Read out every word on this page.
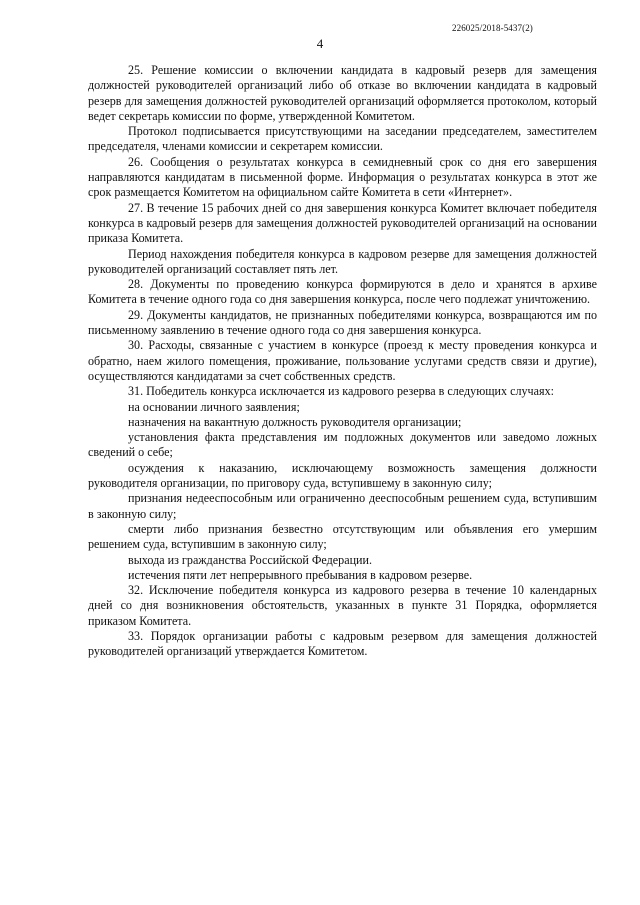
226025/2018-5437(2)
4

25. Решение комиссии о включении кандидата в кадровый резерв для замещения должностей руководителей организаций либо об отказе во включении кандидата в кадровый резерв для замещения должностей руководителей организаций оформляется протоколом, который ведет секретарь комиссии по форме, утвержденной Комитетом.

Протокол подписывается присутствующими на заседании председателем, заместителем председателя, членами комиссии и секретарем комиссии.

26. Сообщения о результатах конкурса в семидневный срок со дня его завершения направляются кандидатам в письменной форме. Информация о результатах конкурса в этот же срок размещается Комитетом на официальном сайте Комитета в сети «Интернет».

27. В течение 15 рабочих дней со дня завершения конкурса Комитет включает победителя конкурса в кадровый резерв для замещения должностей руководителей организаций на основании приказа Комитета.

Период нахождения победителя конкурса в кадровом резерве для замещения должностей руководителей организаций составляет пять лет.

28. Документы по проведению конкурса формируются в дело и хранятся в архиве Комитета в течение одного года со дня завершения конкурса, после чего подлежат уничтожению.

29. Документы кандидатов, не признанных победителями конкурса, возвращаются им по письменному заявлению в течение одного года со дня завершения конкурса.

30. Расходы, связанные с участием в конкурсе (проезд к месту проведения конкурса и обратно, наем жилого помещения, проживание, пользование услугами средств связи и другие), осуществляются кандидатами за счет собственных средств.

31. Победитель конкурса исключается из кадрового резерва в следующих случаях:

на основании личного заявления;

назначения на вакантную должность руководителя организации;

установления факта представления им подложных документов или заведомо ложных сведений о себе;

осуждения к наказанию, исключающему возможность замещения должности руководителя организации, по приговору суда, вступившему в законную силу;

признания недееспособным или ограниченно дееспособным решением суда, вступившим в законную силу;

смерти либо признания безвестно отсутствующим или объявления его умершим решением суда, вступившим в законную силу;

выхода из гражданства Российской Федерации.

истечения пяти лет непрерывного пребывания в кадровом резерве.

32. Исключение победителя конкурса из кадрового резерва в течение 10 календарных дней со дня возникновения обстоятельств, указанных в пункте 31 Порядка, оформляется приказом Комитета.

33. Порядок организации работы с кадровым резервом для замещения должностей руководителей организаций утверждается Комитетом.
